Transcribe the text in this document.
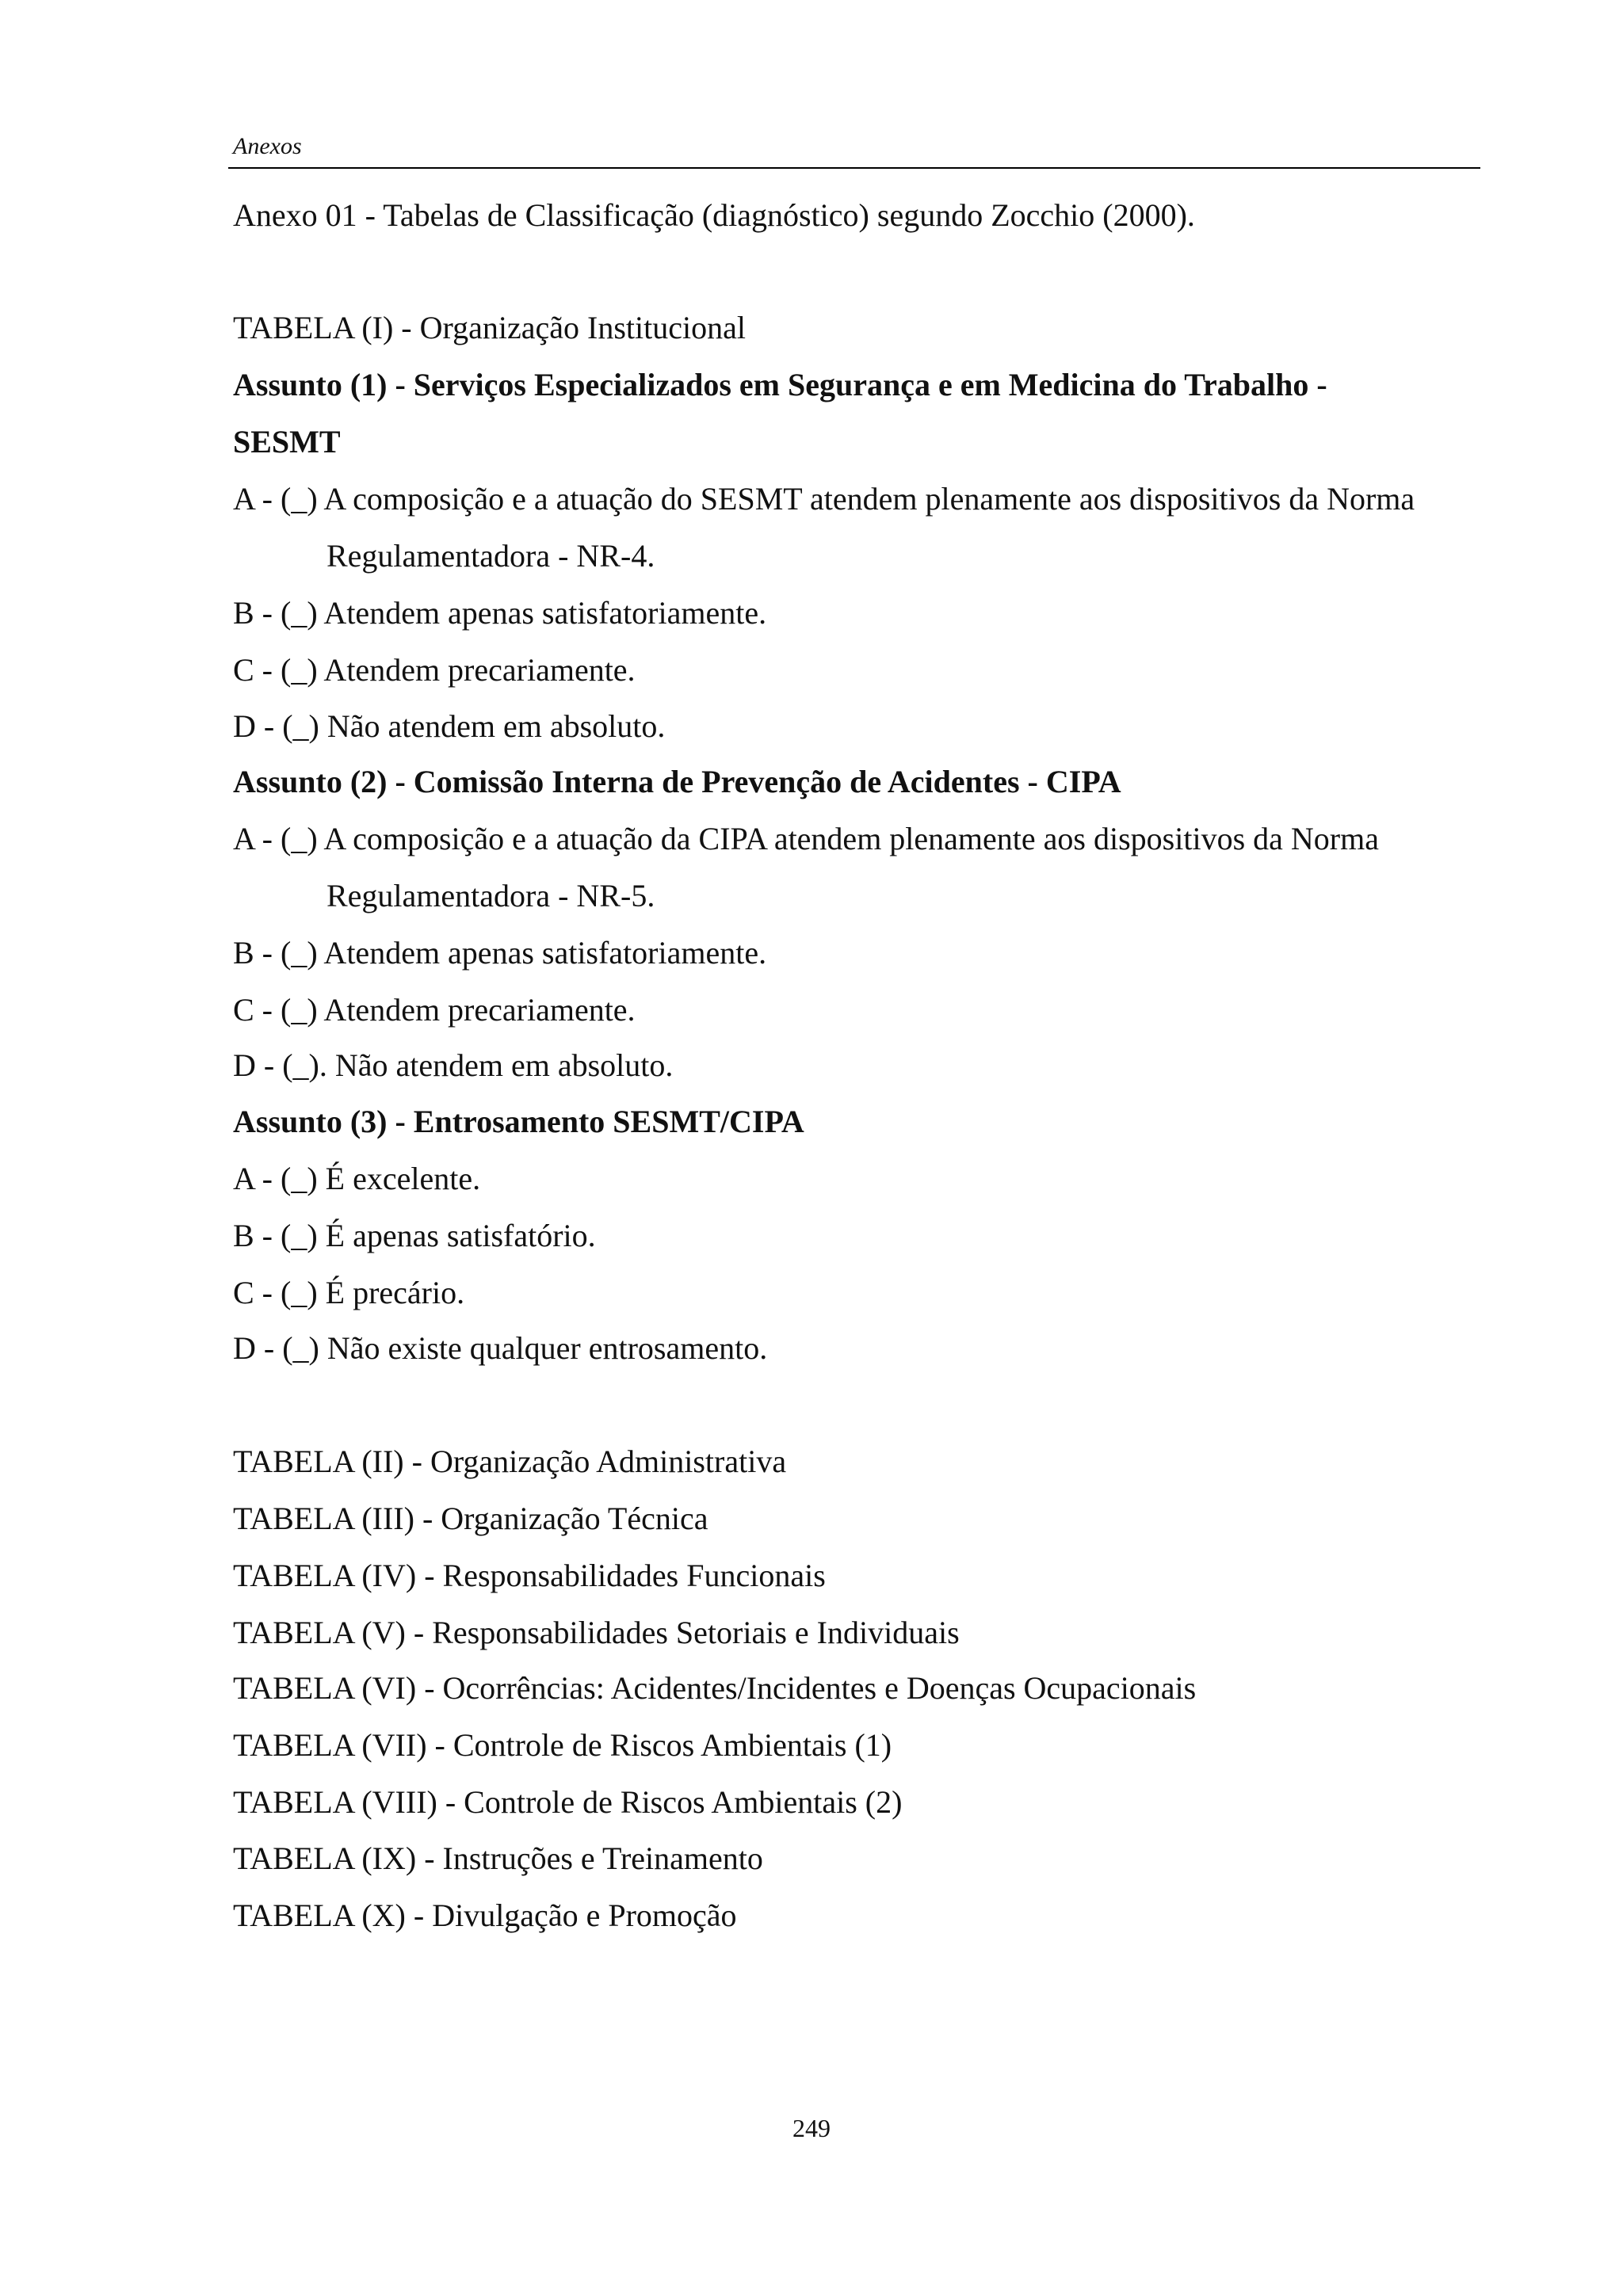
Anexos
Anexo 01 - Tabelas de Classificação (diagnóstico) segundo Zocchio (2000).
TABELA (I) - Organização Institucional
Assunto (1) - Serviços Especializados em Segurança e em Medicina do Trabalho -
SESMT
A - (_) A composição e a atuação do SESMT atendem plenamente aos dispositivos da Norma
Regulamentadora - NR-4.
B - (_) Atendem apenas satisfatoriamente.
C - (_) Atendem precariamente.
D - (_) Não atendem em absoluto.
Assunto (2) - Comissão Interna de Prevenção de Acidentes - CIPA
A - (_) A composição e a atuação da CIPA atendem plenamente aos dispositivos da Norma
Regulamentadora - NR-5.
B - (_) Atendem apenas satisfatoriamente.
C - (_) Atendem precariamente.
D - (_). Não atendem em absoluto.
Assunto (3) - Entrosamento SESMT/CIPA
A - (_) É excelente.
B - (_) É apenas satisfatório.
C - (_) É precário.
D - (_) Não existe qualquer entrosamento.
TABELA (II) - Organização Administrativa
TABELA (III) - Organização Técnica
TABELA (IV) - Responsabilidades Funcionais
TABELA (V) - Responsabilidades Setoriais e Individuais
TABELA (VI) - Ocorrências: Acidentes/Incidentes e Doenças Ocupacionais
TABELA (VII) - Controle de Riscos Ambientais (1)
TABELA (VIII) - Controle de Riscos Ambientais (2)
TABELA (IX) - Instruções e Treinamento
TABELA (X) - Divulgação e Promoção
249
